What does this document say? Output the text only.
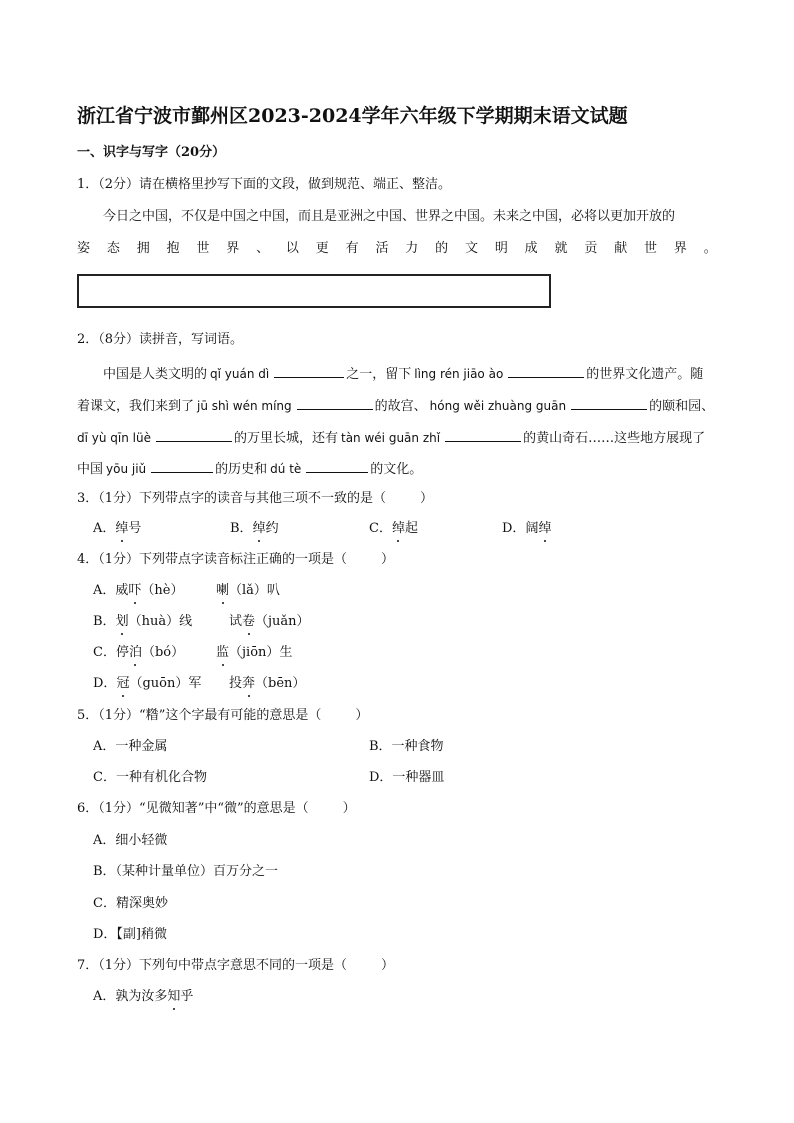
浙江省宁波市鄞州区2023-2024学年六年级下学期期末语文试题
一、识字与写字（20分）
1．（2分）请在横格里抄写下面的文段，做到规范、端正、整洁。
今日之中国，不仅是中国之中国，而且是亚洲之中国、世界之中国。未来之中国，必将以更加开放的
姿 态 拥 抱 世 界 、 以 更 有 活 力 的 文 明 成 就 贡 献 世 界 。
2．（8分）读拼音，写词语。
中国是人类文明的 qǐ yuán dì	之一，留下 lìng rén jiāo ào	的世界文化遗产。随
着课文，我们来到了 jū shì wén míng	的故宫、 hóng wěi zhuàng guān	的颐和园、
dī yù qīn lüè	的万里长城，还有 tàn wéi guān zhǐ	的黄山奇石……这些地方展现了
中国 yōu jiǔ	的历史和 dú tè	的文化。
3．（1分）下列带点字的读音与其他三项不一致的是（	）
A．绰号	B．绰约	C．绰起	D．阔绰
4．（1分）下列带点字读音标注正确的一项是（	）
A．威吓（hè）	喇（lǎ）叭
B．划（huà）线	试卷（juǎn）
C．停泊（bó） 监（jiōn）生
D．冠（guōn）军 投奔（bēn）
5．（1分）“糌”这个字最有可能的意思是（	）
A．一种金属	B．一种食物
C．一种有机化合物	D．一种器皿
6．（1分）“见微知著”中“微”的意思是（	）
A．细小轻微
B．（某种计量单位）百万分之一
C．精深奥妙
D．【副]稍微
7．（1分）下列句中带点字意思不同的一项是（	）
A．孰为汝多知乎
